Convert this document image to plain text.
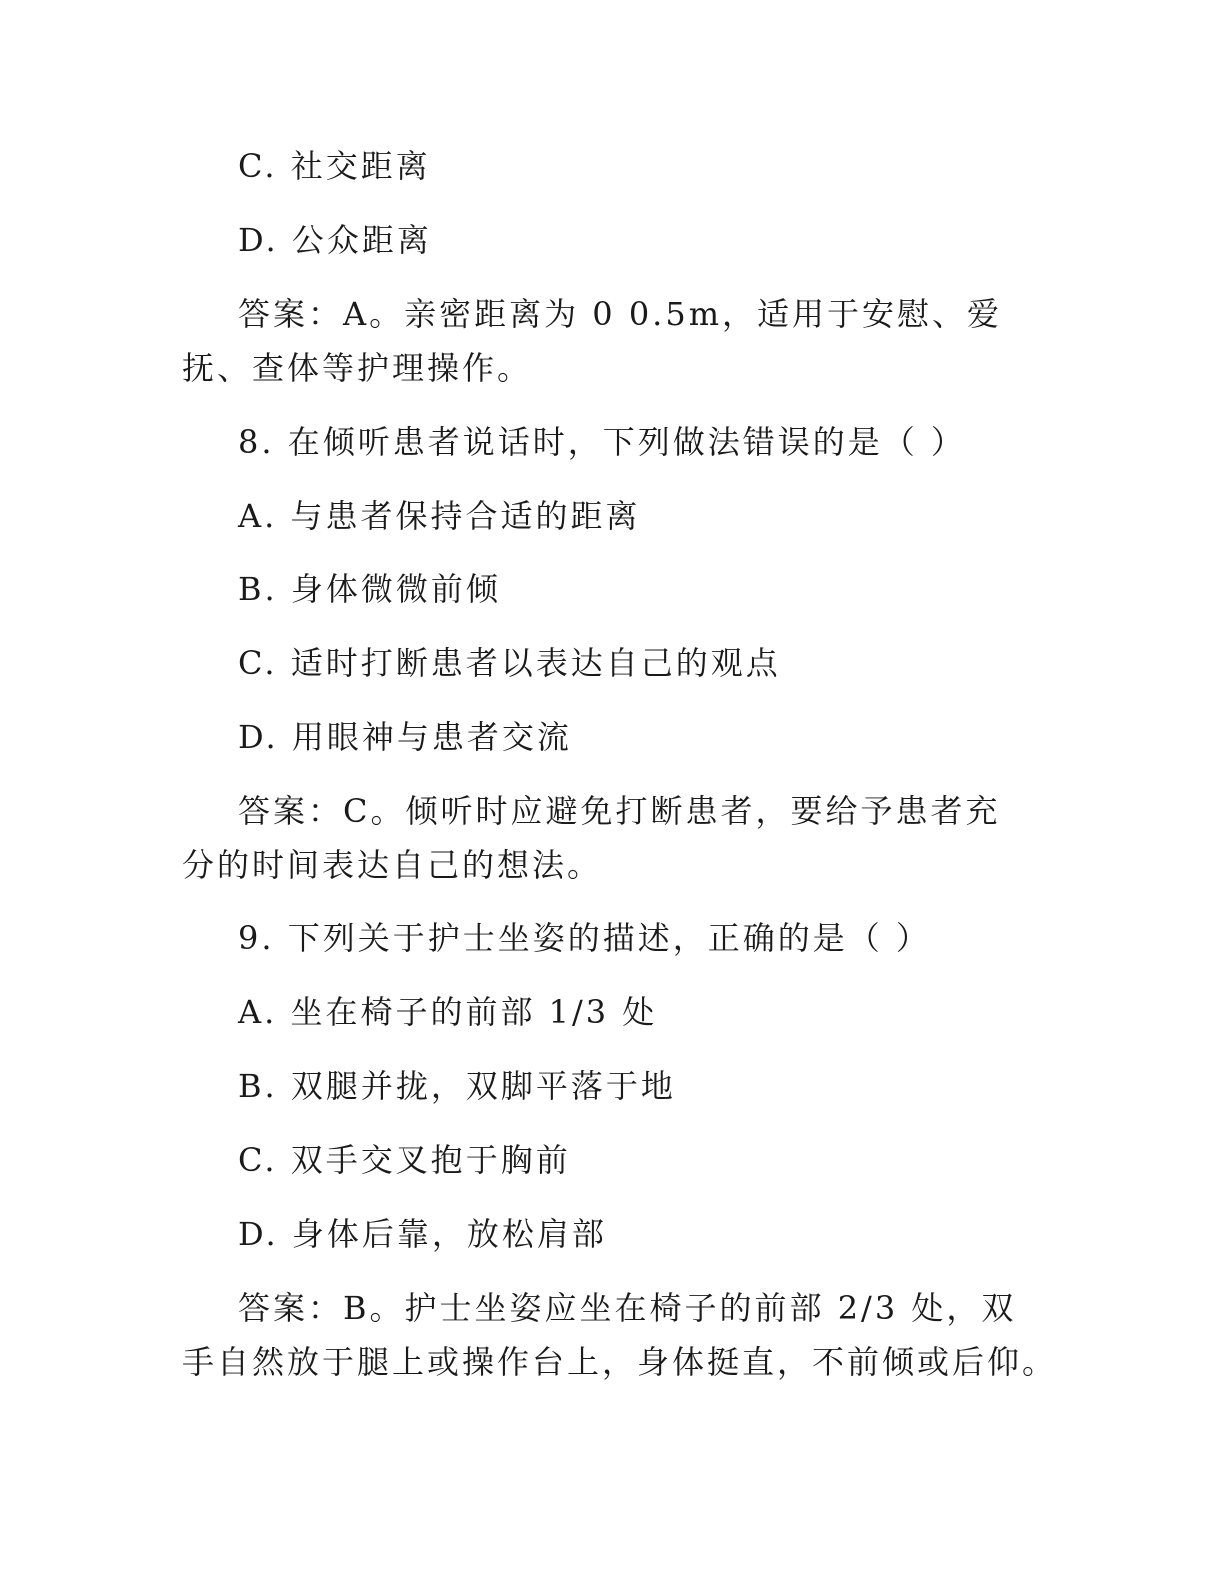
C. 社交距离
D. 公众距离
答案：A。亲密距离为 0 0.5m，适用于安慰、爱
抚、查体等护理操作。
8. 在倾听患者说话时，下列做法错误的是（ ）
A. 与患者保持合适的距离
B. 身体微微前倾
C. 适时打断患者以表达自己的观点
D. 用眼神与患者交流
答案：C。倾听时应避免打断患者，要给予患者充
分的时间表达自己的想法。
9. 下列关于护士坐姿的描述，正确的是（ ）
A. 坐在椅子的前部 1/3 处
B. 双腿并拢，双脚平落于地
C. 双手交叉抱于胸前
D. 身体后靠，放松肩部
答案：B。护士坐姿应坐在椅子的前部 2/3 处，双
手自然放于腿上或操作台上，身体挺直，不前倾或后仰。
